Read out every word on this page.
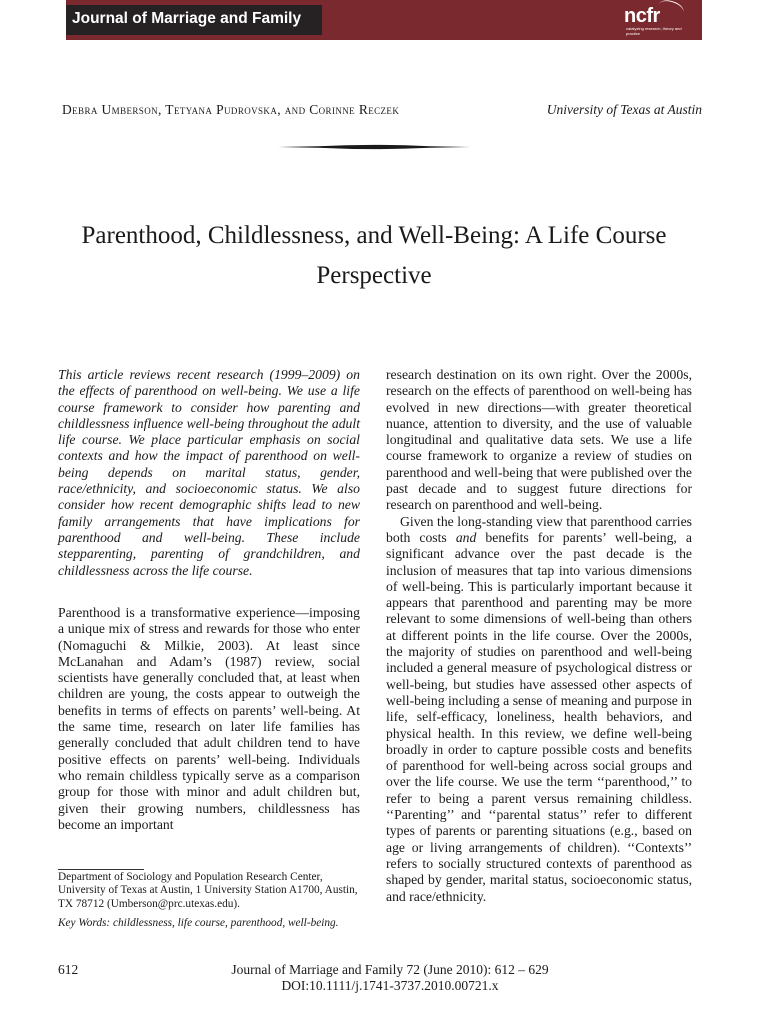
Journal of Marriage and Family	ncfr
catalyzing research, theory and practice
Debra Umberson, Tetyana Pudrovska, and Corinne Reczek	University of Texas at Austin
Parenthood, Childlessness, and Well-Being: A Life Course Perspective

This article reviews recent research (1999–2009) on the effects of parenthood on well-being. We use a life course framework to consider how parenting and childlessness influence well-being throughout the adult life course. We place particular emphasis on social contexts and how the impact of parenthood on well-being depends on marital status, gender, race/ethnicity, and socioeconomic status. We also consider how recent demographic shifts lead to new family arrangements that have implications for parenthood and well-being. These include stepparenting, parenting of grandchildren, and childlessness across the life course.

Parenthood is a transformative experience—imposing a unique mix of stress and rewards for those who enter (Nomaguchi & Milkie, 2003). At least since McLanahan and Adam’s (1987) review, social scientists have generally concluded that, at least when children are young, the costs appear to outweigh the benefits in terms of effects on parents’ well-being. At the same time, research on later life families has generally concluded that adult children tend to have positive effects on parents’ well-being. Individuals who remain childless typically serve as a comparison group for those with minor and adult children but, given their growing numbers, childlessness has become an important

research destination on its own right. Over the 2000s, research on the effects of parenthood on well-being has evolved in new directions—with greater theoretical nuance, attention to diversity, and the use of valuable longitudinal and qualitative data sets. We use a life course framework to organize a review of studies on parenthood and well-being that were published over the past decade and to suggest future directions for research on parenthood and well-being.

Given the long-standing view that parenthood carries both costs and benefits for parents’ well-being, a significant advance over the past decade is the inclusion of measures that tap into various dimensions of well-being. This is particularly important because it appears that parenthood and parenting may be more relevant to some dimensions of well-being than others at different points in the life course. Over the 2000s, the majority of studies on parenthood and well-being included a general measure of psychological distress or well-being, but studies have assessed other aspects of well-being including a sense of meaning and purpose in life, self-efficacy, loneliness, health behaviors, and physical health. In this review, we define well-being broadly in order to capture possible costs and benefits of parenthood for well-being across social groups and over the life course. We use the term ‘‘parenthood,’’ to refer to being a parent versus remaining childless. ‘‘Parenting’’ and ‘‘parental status’’ refer to different types of parents or parenting situations (e.g., based on age or living arrangements of children). ‘‘Contexts’’ refers to socially structured contexts of parenthood as shaped by gender, marital status, socioeconomic status, and race/ethnicity.

Department of Sociology and Population Research Center, University of Texas at Austin, 1 University Station A1700, Austin, TX 78712 (Umberson@prc.utexas.edu).

Key Words: childlessness, life course, parenthood, well-being.

612	Journal of Marriage and Family 72 (June 2010): 612 – 629
DOI:10.1111/j.1741-3737.2010.00721.x
